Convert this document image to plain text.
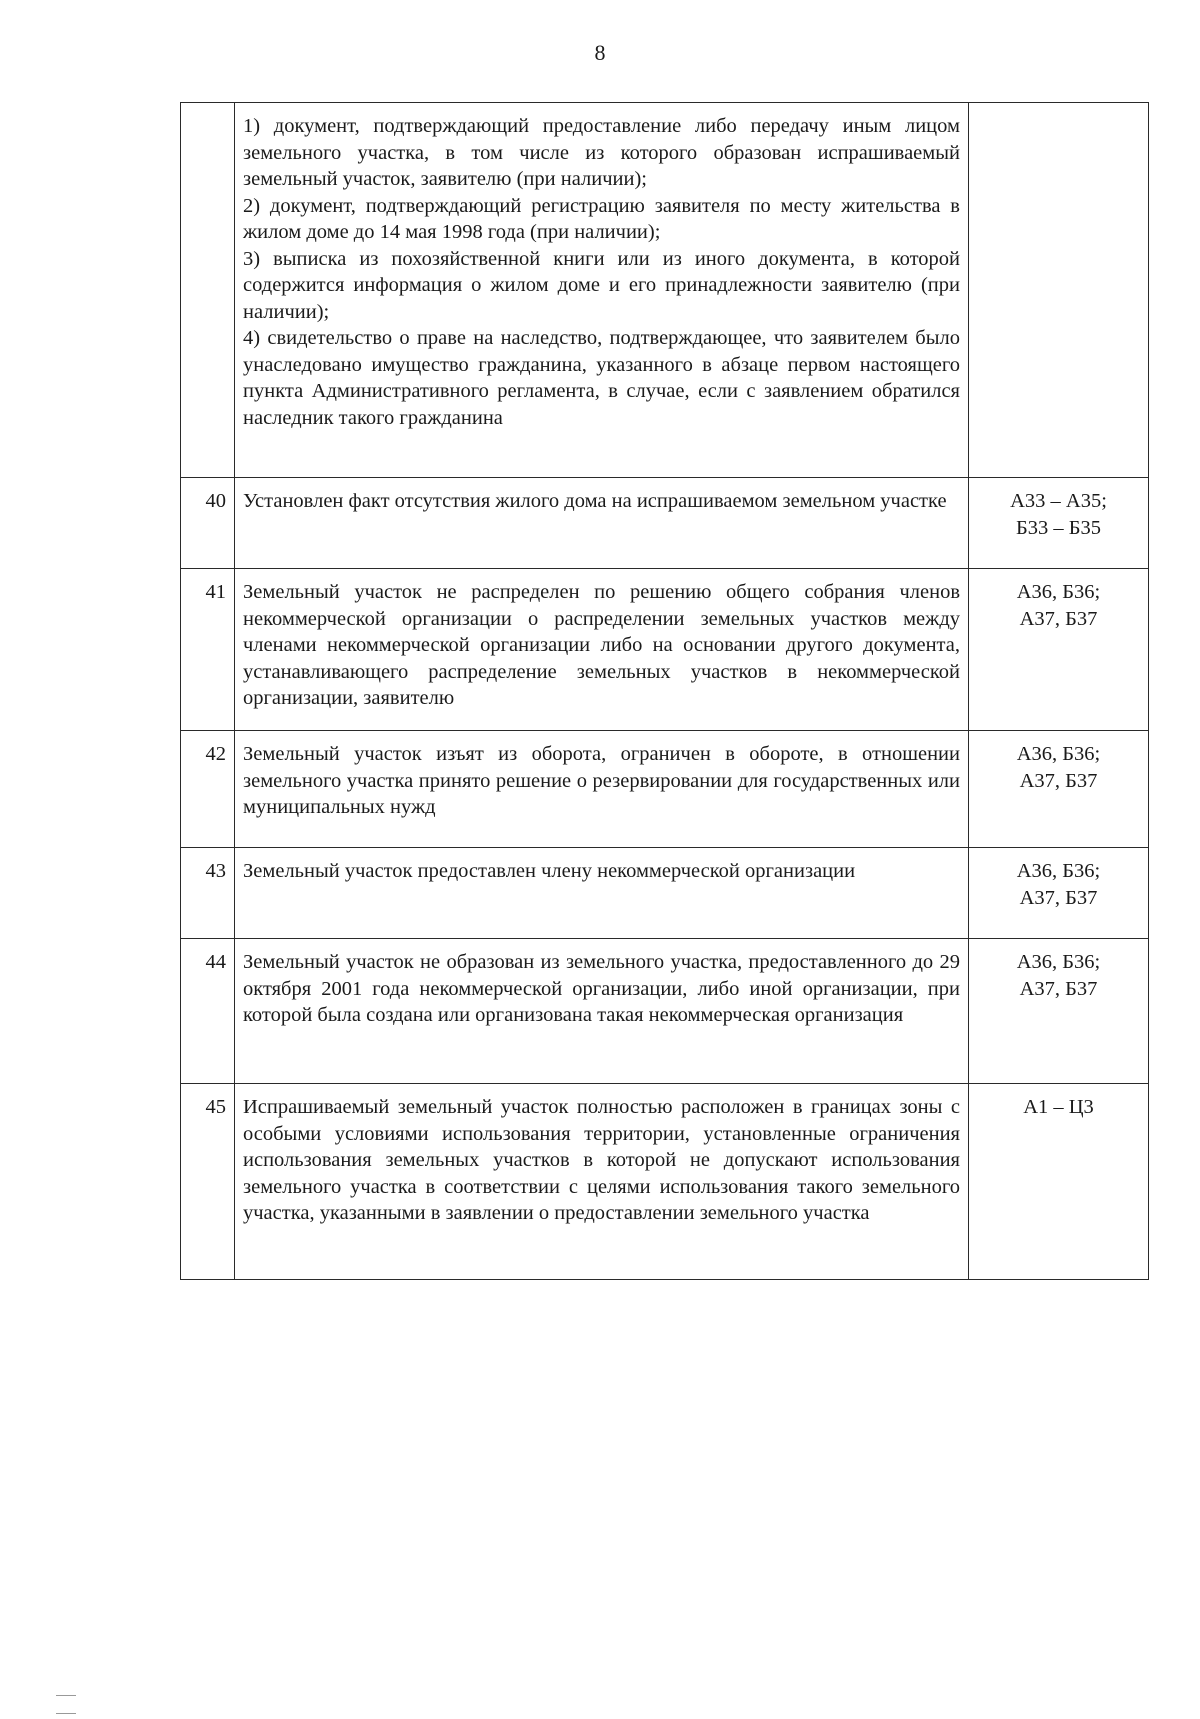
8

	1) документ, подтверждающий предоставление либо передачу иным лицом земельного участка, в том числе из которого образован испрашиваемый земельный участок, заявителю (при наличии);

2) документ, подтверждающий регистрацию заявителя по месту жительства в жилом доме до 14 мая 1998 года (при наличии);

3) выписка из похозяйственной книги или из иного документа, в которой содержится информация о жилом доме и его принадлежности заявителю (при наличии);

4) свидетельство о праве на наследство, подтверждающее, что заявителем было унаследовано имущество гражданина, указанного в абзаце первом настоящего пункта Административного регламента, в случае, если с заявлением обратился наследник такого гражданина	

40	Установлен факт отсутствия жилого дома на испрашиваемом земельном участке	А33 – А35;
Б33 – Б35

41	Земельный участок не распределен по решению общего собрания членов некоммерческой организации о распределении земельных участков между членами некоммерческой организации либо на основании другого документа, устанавливающего распределение земельных участков в некоммерческой организации, заявителю	А36, Б36;
А37, Б37

42	Земельный участок изъят из оборота, ограничен в обороте, в отношении земельного участка принято решение о резервировании для государственных или муниципальных нужд	А36, Б36;
А37, Б37

43	Земельный участок предоставлен члену некоммерческой организации	А36, Б36;
А37, Б37

44	Земельный участок не образован из земельного участка, предоставленного до 29 октября 2001 года некоммерческой организации, либо иной организации, при которой была создана или организована такая некоммерческая организация	А36, Б36;
А37, Б37

45	Испрашиваемый земельный участок полностью расположен в границах зоны с особыми условиями использования территории, установленные ограничения использования земельных участков в которой не допускают использования земельного участка в соответствии с целями использования такого земельного участка, указанными в заявлении о предоставлении земельного участка	А1 – Ц3
